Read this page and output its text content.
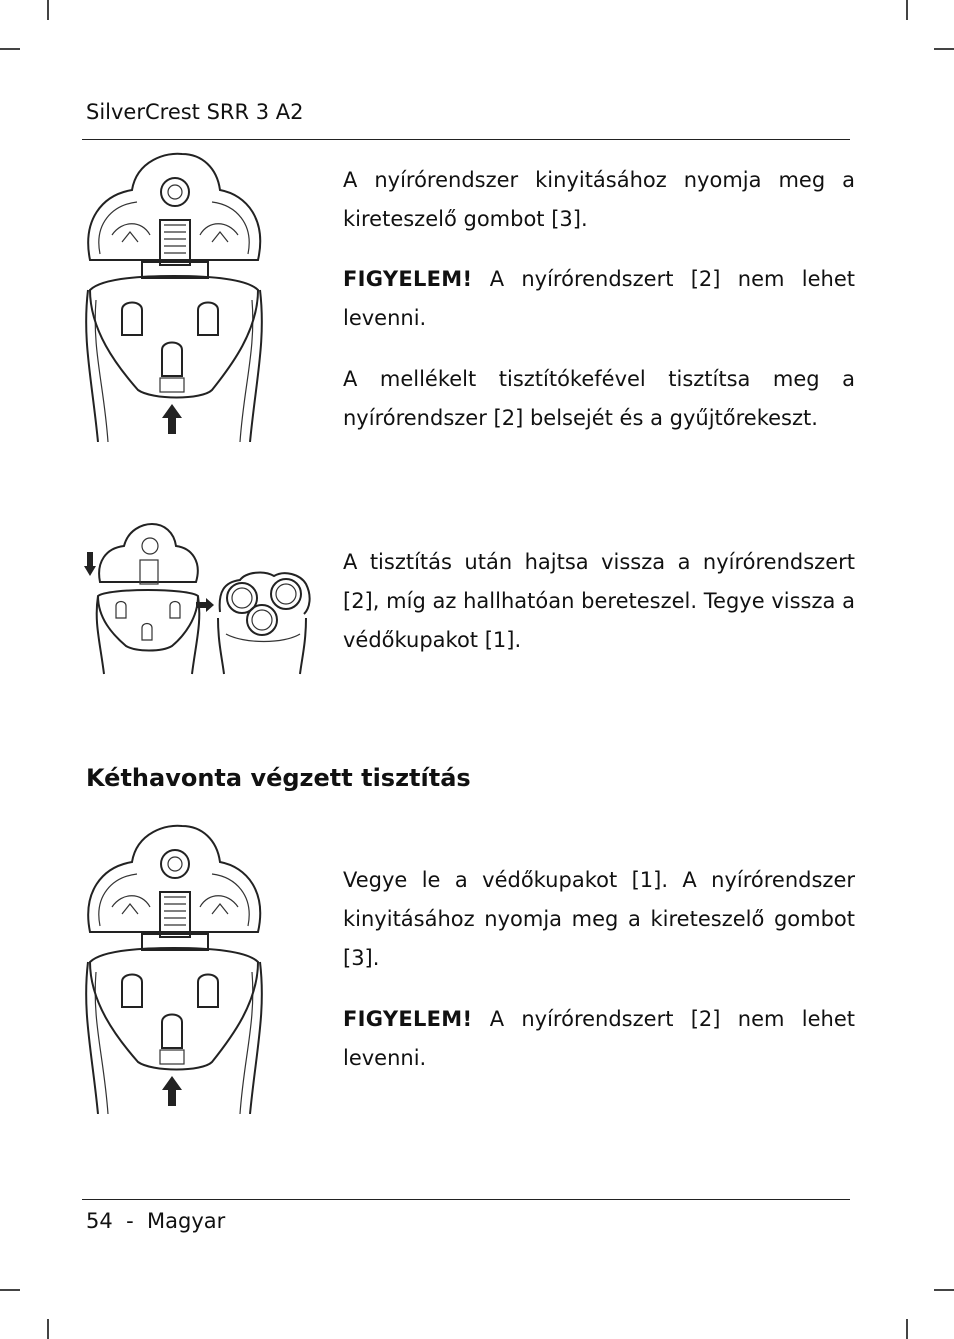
SilverCrest SRR 3 A2
A nyírórendszer kinyitásához nyomja meg a kireteszelő gombot [3].
FIGYELEM! A nyírórendszert [2] nem lehet levenni.
A mellékelt tisztítókefével tisztítsa meg a nyírórendszer [2] belsejét és a gyűjtőrekeszt.
A tisztítás után hajtsa vissza a nyírórendszert [2], míg az hallhatóan bereteszel. Tegye vissza a védőkupakot [1].
Kéthavonta végzett tisztítás
Vegye le a védőkupakot [1]. A nyírórendszer kinyitásához nyomja meg a kireteszelő gombot [3].
FIGYELEM! A nyírórendszert [2] nem lehet levenni.
54  -  Magyar
